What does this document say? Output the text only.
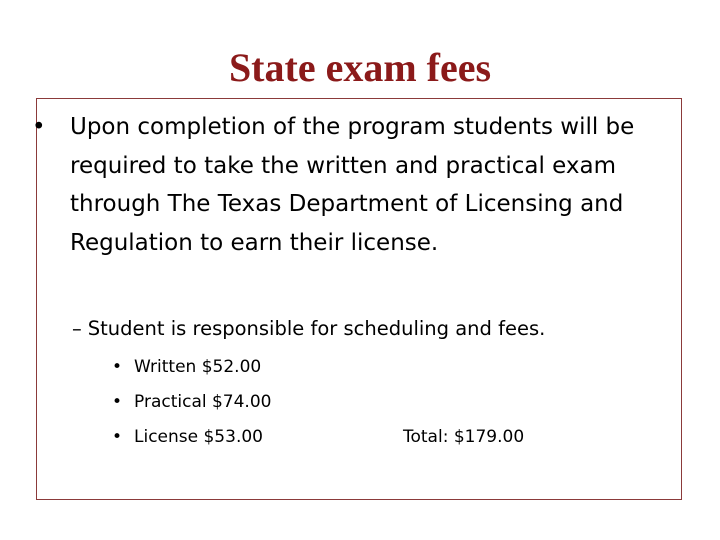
State exam fees
•	Upon completion of the program students will be required to take the written and practical exam through The Texas Department of Licensing and Regulation to earn their license.
– Student is responsible for scheduling and fees.
• Written $52.00
• Practical $74.00
• License $53.00	Total: $179.00
